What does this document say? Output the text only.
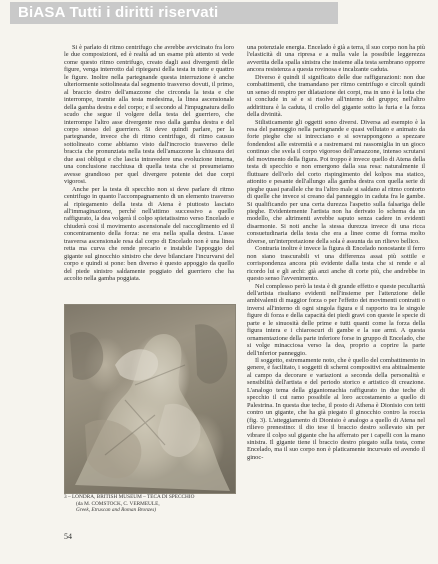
BiASA Tutti i diritti riservati

Si è parlato di ritmo centrifugo che avrebbe avvicinato fra loro le due composizioni, ed è realtà ad un esame più attento si vede come questo ritmo centrifugo, creato dagli assi divergenti delle figure, venga interrotto dal ripiegarsi della testa in tutte e quattro le figure. Inoltre nella partegnande questa interruzione è anche ulteriormente sottolineata dal segmento trasverso dovuti, il primo, al braccio destro dell'amazzone che circonda la testa e che interrompe, tramite alla testa medesima, la linea ascensionale della gamba destra e del corpo; e il secondo al l'impugnatura dello scudo che segue il volgere della testa del guerriero, che interrompe l'altro asse divergente reso dalla gamba destra e del corpo stesso del guerriero. Si deve quindi parlare, per la partegnande, invece che di ritmo centrifugo, di ritmo causuo sottolineato come abbiamo visto dall'incrocio trasverso delle braccia che pronunziata nella testa dell'amazzone la chiusura dei due assi obliqui e che lascia intravedere una evoluzione interna, una conclusione racchiusa di quella testa che si presumeiamo avesse grandioso per quel divergere potente dei due corpi vigorosi.

Anche per la testa di specchio non si deve parlare di ritmo centrifugo in quanto l'accompagnamento di un elemento trasverso al ripiegamento della testa di Atena è piuttosto lasciato all'immaginazione, perché nell'attimo successivo a quello raffigurato, la dea volgerà il colpo spietatissimo verso Encelado e chiuderà così il movimento ascensionale del raccoglimento ed il concentramento della forza: ne era nella spalla destra. L'asse trasversa ascensionale resa dal corpo di Encelado non è una linea retta ma curva che rende precario e instabile l'appoggio del gigante sul ginocchio sinistro che deve bilanciare l'incurvarsi del corpo e quindi si pone: ben diverso è questo appoggio da quello del piede sinistro saldamente poggiato del guerriero che ha accolto nella gamba poggiata.

3 – LONDRA, BRITISH MUSEUM – TECA DI SPECCHIO
(da M. COMSTOCK, C. VERMEULE,
Greek, Etruscan and Roman Bronzes)
54

una potenziale energia. Encelado è già a terra, il suo corpo non ha più l'elasticità di una ripresa e a nulla vale la possibile leggerezza avvertita della spalla sinistra che insieme alla testa sembrano opporre ancora resistenza a questa rovinosa e incalzante caduta.

Diverso è quindi il significato delle due raffigurazioni: non due combattimenti, che tramandano per ritmo centrifugo e circoli quindi un senso di respiro per dilatazione dei corpi, ma in uno è la lotta che si conclude in sé e si risolve all'interno del gruppo; nell'altro addirittura è la caduta, il crollo del gigante sotto la furia e la forza della divinità.

Stilisticamente gli oggetti sono diversi. Diversa ad esempio è la resa del panneggio nella partegnande e quasi vellutato e animato da forte pieghe che si intrecciano e si sovrappongono a spezzare fondendosi alle estremità e a rastremarsi mi rassomiglia in un gioco continuo che svela il corpo vigoroso dell'amazzone, intenso scrutarsi del movimento della figura. Poi troppo è invece quello di Atena della testa di specchio e non emergono dalla sua resa: naturalmente il fluttuare dell'orlo del corto rispingimento del kolpos ma statico, attonito e pesante dell'allungo alla gamba destra con quella serie di pieghe quasi parallele che tra l'altro male si saldano al ritmo contorto di quelle che invece si creano dal panneggio in caduta fra le gambe. Si qualificando per una certa durezza l'aspetto sulla falsariga delle pieghe. Evidentemente l'artista non ha derivato lo schema da un modello, che altrimenti avrebbe saputo senza cadere in evidenti disarmonie. Si noti anche la stessa durezza invece di una ricca consuetudinaria della testa che era a linee come di forma molto diverse, un'interpretazione della sola è assunta da un rilievo bellico.

Contraria inoltre è invece la figura di Encelado nonostante il ferro non siano trascurabili vi una differenza assai più sottile e corrispondenza ancora più evidente dalla testa che si rende e al ricordo lui e gli archi: già anzi anche di corte più, che andrebbe in questo senso l'avvenimento.

Nel complesso però la testa è di grande effetto e queste peculiarità dell'artista risultano evidenti nell'insieme per l'attenzione delle ambivalenti di maggior forza o per l'effetto dei movimenti contratti o inversi all'interno di ogni singola figura e il rapporto tra le singole figure di forza e della capacità dei piedi gravi con queste le specie di parte e le sinuosità delle prime e tutti quanti come la forza della figura intera e i chiaroscuri di gambe e la sue armi. A questa ornamentazione della parte inferiore forse in gruppo di Encelado, che si volge minacciosa verso la dea, proprio a coprire la parte dell'inferior panneggio.

Il soggetto, estremamente noto, che è quello del combattimento in genere, è facilitato, i soggetti di schemi compositivi era abitualmente al campo da decorare e variazioni a seconda della personalità e sensibilità dell'artista e del periodo storico e artistico di creazione. L'analogo tema della gigantomachia raffigurato in due teche di specchio il cui ramo possibile al loro accostamento a quello di Palestrina. In questa due teche, il posto di Athena è Dionisio con tetti contro un gigante, che ha già piegato il ginocchio contro la roccia (fig. 3). L'atteggiamento di Dionisio è analogo a quello di Atena nel rilievo prenestino: il dio tese il braccio destro sollevato sin per vibrare il colpo sul gigante che ha afferrato per i capelli con la mano sinistra. Il gigante tiene il braccio destro piegato sulla testa, come Encelado, ma il suo corpo non è platicamente incurvato ed avendo il ginoc-
